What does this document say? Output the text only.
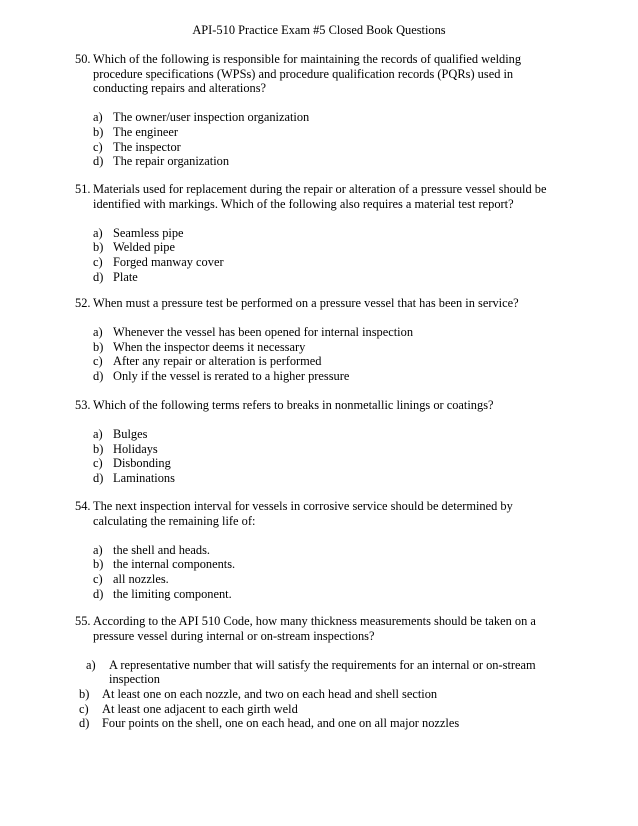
API-510 Practice Exam #5 Closed Book Questions
50. Which of the following is responsible for maintaining the records of qualified welding procedure specifications (WPSs) and procedure qualification records (PQRs) used in conducting repairs and alterations?
a) The owner/user inspection organization
b) The engineer
c) The inspector
d) The repair organization
51. Materials used for replacement during the repair or alteration of a pressure vessel should be identified with markings. Which of the following also requires a material test report?
a) Seamless pipe
b) Welded pipe
c) Forged manway cover
d) Plate
52. When must a pressure test be performed on a pressure vessel that has been in service?
a) Whenever the vessel has been opened for internal inspection
b) When the inspector deems it necessary
c) After any repair or alteration is performed
d) Only if the vessel is rerated to a higher pressure
53. Which of the following terms refers to breaks in nonmetallic linings or coatings?
a) Bulges
b) Holidays
c) Disbonding
d) Laminations
54. The next inspection interval for vessels in corrosive service should be determined by calculating the remaining life of:
a) the shell and heads.
b) the internal components.
c) all nozzles.
d) the limiting component.
55. According to the API 510 Code, how many thickness measurements should be taken on a pressure vessel during internal or on-stream inspections?
a) A representative number that will satisfy the requirements for an internal or on-stream inspection
b) At least one on each nozzle, and two on each head and shell section
c) At least one adjacent to each girth weld
d) Four points on the shell, one on each head, and one on all major nozzles
